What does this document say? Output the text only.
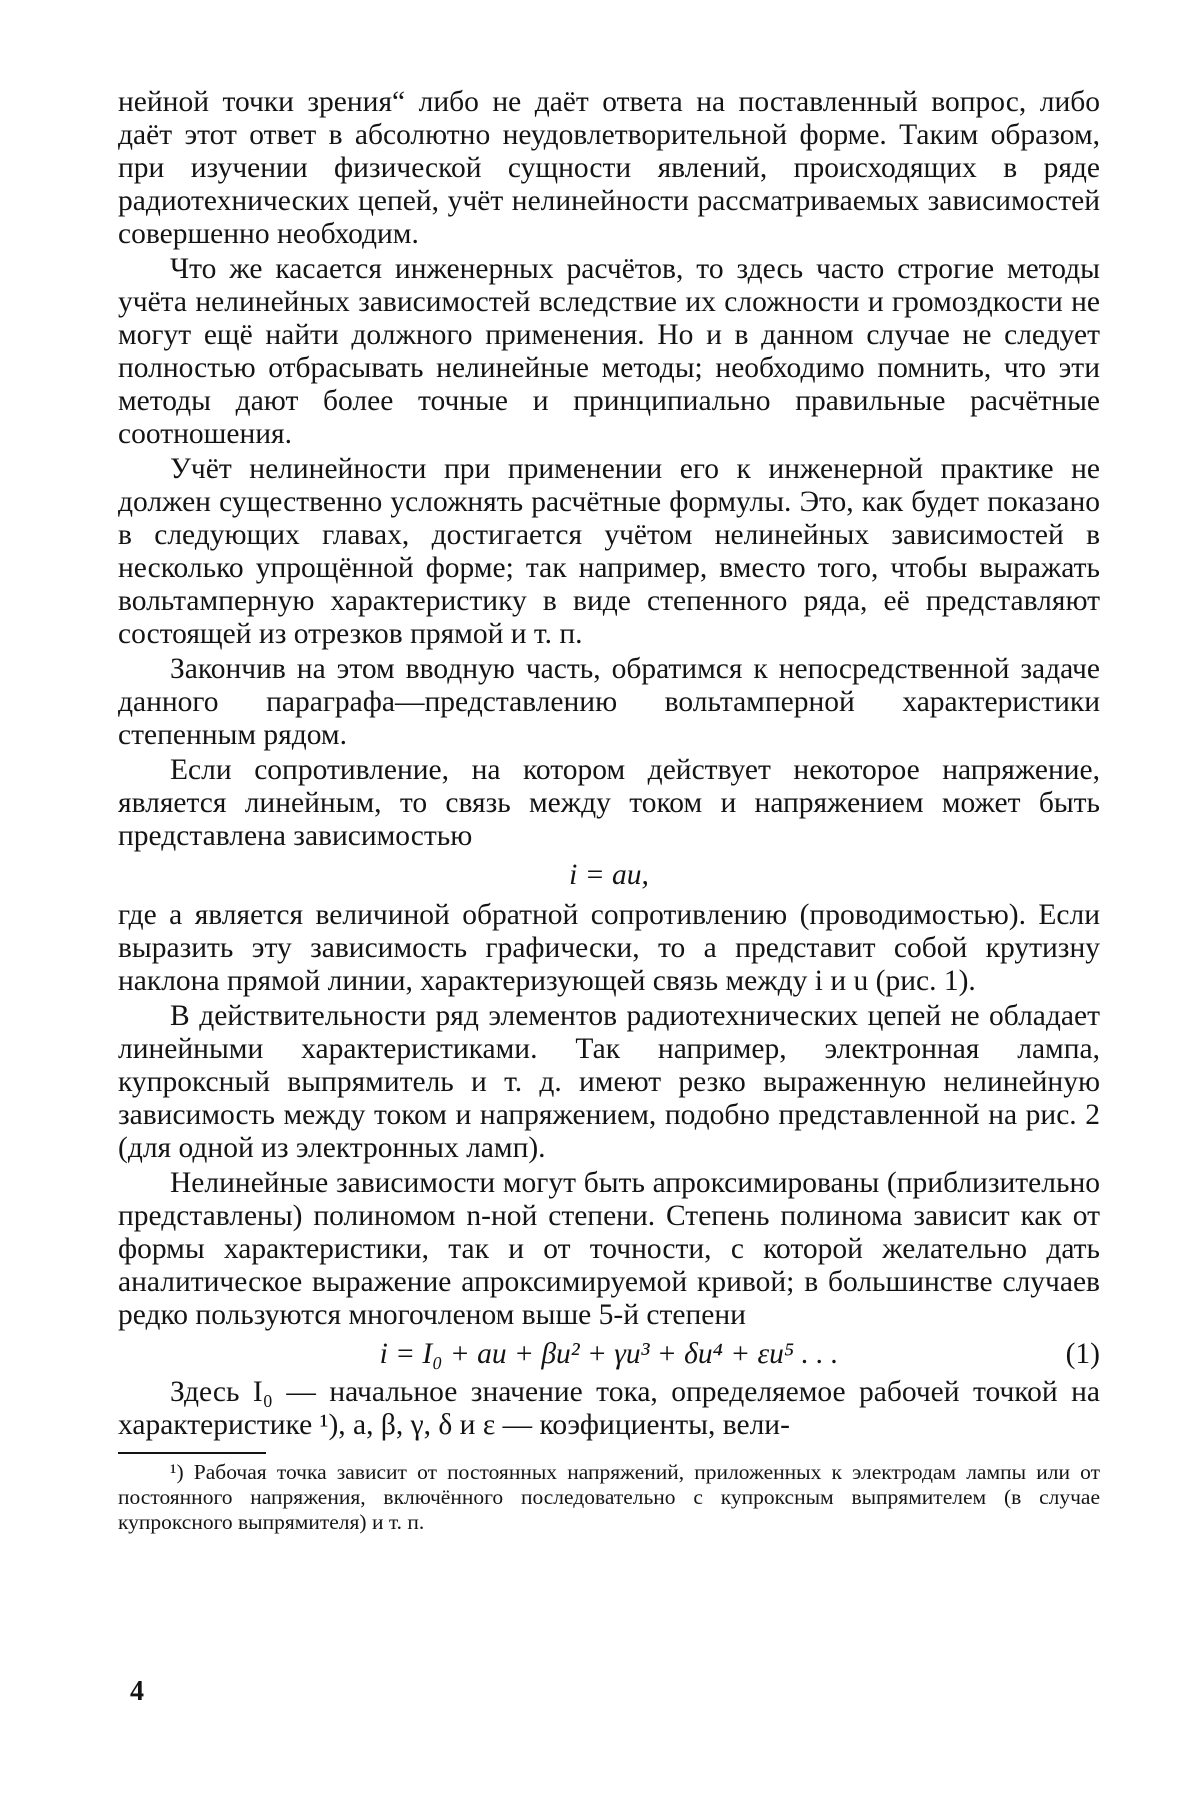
нейной точки зрения“ либо не даёт ответа на поставленный вопрос, либо даёт этот ответ в абсолютно неудовлетворительной форме. Таким образом, при изучении физической сущности явлений, происходящих в ряде радиотехнических цепей, учёт нелинейности рассматриваемых зависимостей совершенно необходим.

Что же касается инженерных расчётов, то здесь часто строгие методы учёта нелинейных зависимостей вследствие их сложности и громоздкости не могут ещё найти должного применения. Но и в данном случае не следует полностью отбрасывать нелинейные методы; необходимо помнить, что эти методы дают более точные и принципиально правильные расчётные соотношения.

Учёт нелинейности при применении его к инженерной практике не должен существенно усложнять расчётные формулы. Это, как будет показано в следующих главах, достигается учётом нелинейных зависимостей в несколько упрощённой форме; так например, вместо того, чтобы выражать вольтамперную характеристику в виде степенного ряда, её представляют состоящей из отрезков прямой и т. п.

Закончив на этом вводную часть, обратимся к непосредственной задаче данного параграфа—представлению вольтамперной характеристики степенным рядом.

Если сопротивление, на котором действует некоторое напряжение, является линейным, то связь между током и напряжением может быть представлена зависимостью

i = au,

где a является величиной обратной сопротивлению (проводимостью). Если выразить эту зависимость графически, то a представит собой крутизну наклона прямой линии, характеризующей связь между i и u (рис. 1).

В действительности ряд элементов радиотехнических цепей не обладает линейными характеристиками. Так например, электронная лампа, купроксный выпрямитель и т. д. имеют резко выраженную нелинейную зависимость между током и напряжением, подобно представленной на рис. 2 (для одной из электронных ламп).

Нелинейные зависимости могут быть апроксимированы (приблизительно представлены) полиномом n-ной степени. Степень полинома зависит как от формы характеристики, так и от точности, с которой желательно дать аналитическое выражение апроксимируемой кривой; в большинстве случаев редко пользуются многочленом выше 5-й степени

i = I₀ + au + βu² + γu³ + δu⁴ + εu⁵ . . .	(1)

Здесь I₀ — начальное значение тока, определяемое рабочей точкой на характеристике ¹), a, β, γ, δ и ε — коэфициенты, вели-

¹) Рабочая точка зависит от постоянных напряжений, приложенных к электродам лампы или от постоянного напряжения, включённого последовательно с купроксным выпрямителем (в случае купроксного выпрямителя) и т. п.

4
